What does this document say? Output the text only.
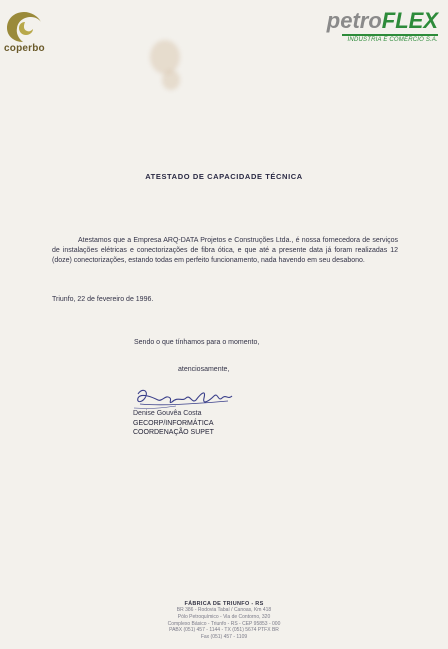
coperbo
petroFLEX
INDÚSTRIA E COMÉRCIO S.A.
ATESTADO DE CAPACIDADE TÉCNICA
Atestamos que a Empresa ARQ-DATA Projetos e Construções Ltda., é nossa fornecedora de serviços de instalações elétricas e conectorizações de fibra ótica, e que até a presente data já foram realizadas 12 (doze) conectorizações, estando todas em perfeito funcionamento, nada havendo em seu desabono.
Triunfo, 22 de fevereiro de 1996.
Sendo o que tínhamos para o momento,
atenciosamente,
Denise Gouvêa Costa
GECORP/INFORMÁTICA
COORDENAÇÃO SUPET
FÁBRICA DE TRIUNFO - RS
BR 386 - Rodovia Tabaí / Canoas, Km 418
Pólo Petroquímico - Via de Contorno, 320
Complexo Básico - Triunfo - RS - CEP 95853 - 000
PABX (051) 457 - 1144 - TX (051) 5674 PTFX BR
Fax (051) 457 - 1109
